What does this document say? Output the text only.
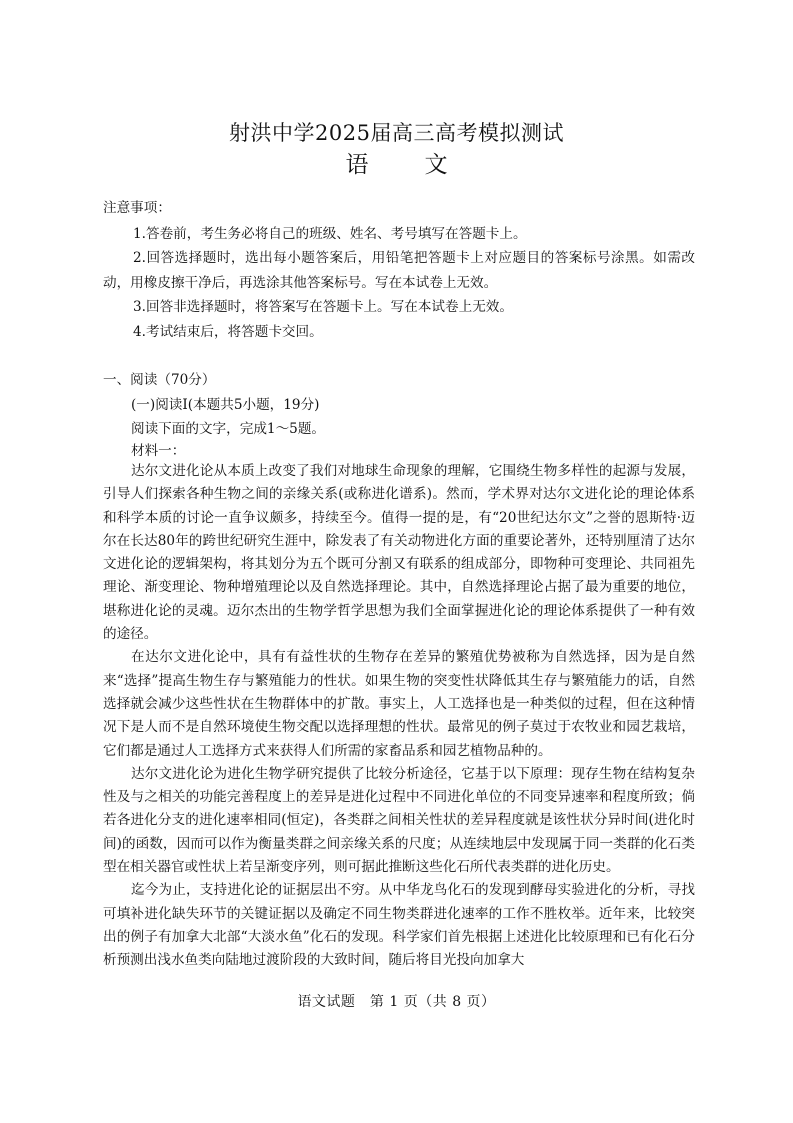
射洪中学2025届高三高考模拟测试
语 文
注意事项：

1.答卷前，考生务必将自己的班级、姓名、考号填写在答题卡上。

2.回答选择题时，选出每小题答案后，用铅笔把答题卡上对应题目的答案标号涂黑。如需改动，用橡皮擦干净后，再选涂其他答案标号。写在本试卷上无效。

3.回答非选择题时，将答案写在答题卡上。写在本试卷上无效。

4.考试结束后，将答题卡交回。

一、阅读（70分）
(一)阅读Ⅰ(本题共5小题，19分)
阅读下面的文字，完成1～5题。
材料一：

达尔文进化论从本质上改变了我们对地球生命现象的理解，它围绕生物多样性的起源与发展，引导人们探索各种生物之间的亲缘关系(或称进化谱系)。然而，学术界对达尔文进化论的理论体系和科学本质的讨论一直争议颇多，持续至今。值得一提的是，有“20世纪达尔文”之誉的恩斯特·迈尔在长达80年的跨世纪研究生涯中，除发表了有关动物进化方面的重要论著外，还特别厘清了达尔文进化论的逻辑架构，将其划分为五个既可分割又有联系的组成部分，即物种可变理论、共同祖先理论、渐变理论、物种增殖理论以及自然选择理论。其中，自然选择理论占据了最为重要的地位，堪称进化论的灵魂。迈尔杰出的生物学哲学思想为我们全面掌握进化论的理论体系提供了一种有效的途径。

在达尔文进化论中，具有有益性状的生物存在差异的繁殖优势被称为自然选择，因为是自然来“选择”提高生物生存与繁殖能力的性状。如果生物的突变性状降低其生存与繁殖能力的话，自然选择就会减少这些性状在生物群体中的扩散。事实上，人工选择也是一种类似的过程，但在这种情况下是人而不是自然环境使生物交配以选择理想的性状。最常见的例子莫过于农牧业和园艺栽培，它们都是通过人工选择方式来获得人们所需的家畜品系和园艺植物品种的。

达尔文进化论为进化生物学研究提供了比较分析途径，它基于以下原理：现存生物在结构复杂性及与之相关的功能完善程度上的差异是进化过程中不同进化单位的不同变异速率和程度所致；倘若各进化分支的进化速率相同(恒定)，各类群之间相关性状的差异程度就是该性状分异时间(进化时间)的函数，因而可以作为衡量类群之间亲缘关系的尺度；从连续地层中发现属于同一类群的化石类型在相关器官或性状上若呈渐变序列，则可据此推断这些化石所代表类群的进化历史。

迄今为止，支持进化论的证据层出不穷。从中华龙鸟化石的发现到酵母实验进化的分析，寻找可填补进化缺失环节的关键证据以及确定不同生物类群进化速率的工作不胜枚举。近年来，比较突出的例子有加拿大北部“大淡水鱼”化石的发现。科学家们首先根据上述进化比较原理和已有化石分析预测出浅水鱼类向陆地过渡阶段的大致时间，随后将目光投向加拿大

语文试题　第 1 页（共 8 页）
